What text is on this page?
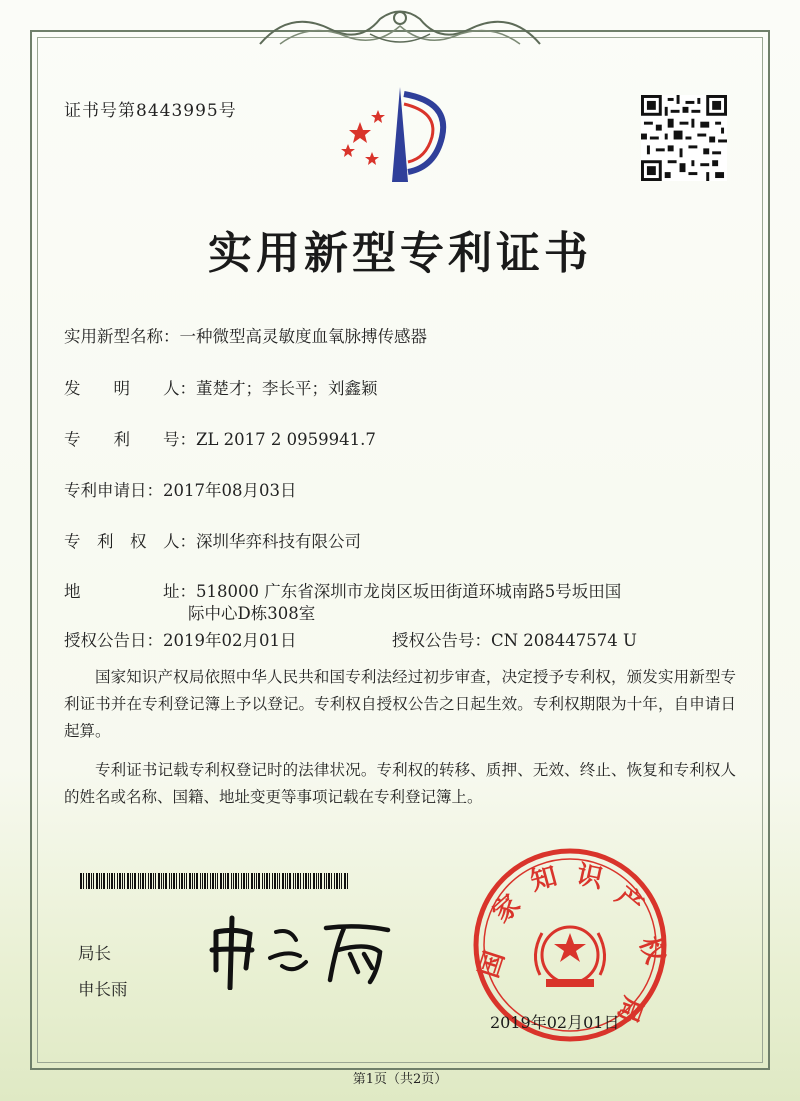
证书号第8443995号
实用新型专利证书
实用新型名称：一种微型高灵敏度血氧脉搏传感器
发　　明　　人：董楚才；李长平；刘鑫颖
专　　利　　号：ZL 2017 2 0959941.7
专利申请日：2017年08月03日
专　利　权　人：深圳华弈科技有限公司
地　　　　　址：518000 广东省深圳市龙岗区坂田街道环城南路5号坂田国
际中心D栋308室
授权公告日：2019年02月01日	授权公告号：CN 208447574 U

国家知识产权局依照中华人民共和国专利法经过初步审查，决定授予专利权，颁发实用新型专利证书并在专利登记簿上予以登记。专利权自授权公告之日起生效。专利权期限为十年，自申请日起算。

专利证书记载专利权登记时的法律状况。专利权的转移、质押、无效、终止、恢复和专利权人的姓名或名称、国籍、地址变更等事项记载在专利登记簿上。

局长
申长雨
国
家
知 识
产
权
局
2019年02月01日
第1页（共2页）
